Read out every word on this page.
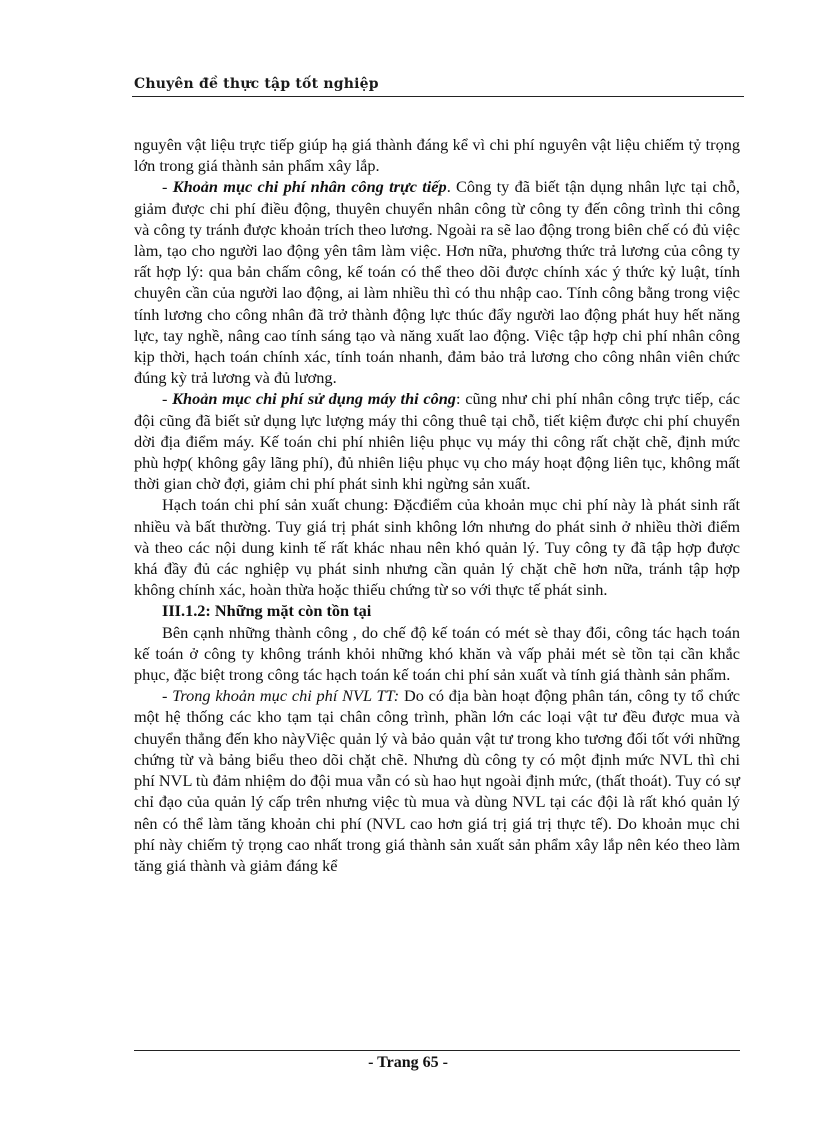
Chuyên đề thực tập tốt nghiệp

nguyên vật liệu trực tiếp giúp hạ giá thành đáng kể vì chi phí nguyên vật liệu chiếm tỷ trọng lớn trong giá thành sản phẩm xây lắp.

- Khoản mục chi phí nhân công trực tiếp. Công ty đã biết tận dụng nhân lực tại chỗ, giảm được chi phí điều động, thuyên chuyển nhân công từ công ty đến công trình thi công và công ty tránh được khoản trích theo lương. Ngoài ra sẽ lao động trong biên chế có đủ việc làm, tạo cho người lao động yên tâm làm việc. Hơn nữa, phương thức trả lương của công ty rất hợp lý: qua bản chấm công, kế toán có thể theo dõi được chính xác ý thức kỷ luật, tính chuyên cần của người lao động, ai làm nhiều thì có thu nhập cao. Tính công bằng trong việc tính lương cho công nhân đã trở thành động lực thúc đẩy người lao động phát huy hết năng lực, tay nghề, nâng cao tính sáng tạo và năng xuất lao động. Việc tập hợp chi phí nhân công kịp thời, hạch toán chính xác, tính toán nhanh, đảm bảo trả lương cho công nhân viên chức đúng kỳ trả lương và đủ lương.

- Khoản mục chi phí sử dụng máy thi công: cũng như chi phí nhân công trực tiếp, các đội cũng đã biết sử dụng lực lượng máy thi công thuê tại chỗ, tiết kiệm được chi phí chuyển dời địa điểm máy. Kế toán chi phí nhiên liệu phục vụ máy thi công rất chặt chẽ, định mức phù hợp( không gây lãng phí), đủ nhiên liệu phục vụ cho máy hoạt động liên tục, không mất thời gian chờ đợi, giảm chi phí phát sinh khi ngừng sản xuất.

Hạch toán chi phí sản xuất chung: Đặcđiểm của khoản mục chi phí này là phát sinh rất nhiều và bất thường. Tuy giá trị phát sinh không lớn nhưng do phát sinh ở nhiều thời điểm và theo các nội dung kinh tế rất khác nhau nên khó quản lý. Tuy công ty đã tập hợp được khá đầy đủ các nghiệp vụ phát sinh nhưng cần quản lý chặt chẽ hơn nữa, tránh tập hợp không chính xác, hoàn thừa hoặc thiếu chứng từ so với thực tế phát sinh.

III.1.2: Những mặt còn tồn tại

Bên cạnh những thành công , do chế độ kế toán có mét sè thay đổi, công tác hạch toán kế toán ở công ty không tránh khỏi những khó khăn và vấp phải mét sè tồn tại cần khắc phục, đặc biệt trong công tác hạch toán kế toán chi phí sản xuất và tính giá thành sản phẩm.

- Trong khoản mục chi phí NVL TT: Do có địa bàn hoạt động phân tán, công ty tổ chức một hệ thống các kho tạm tại chân công trình, phần lớn các loại vật tư đều được mua và chuyển thẳng đến kho nàyViệc quản lý và bảo quản vật tư trong kho tương đối tốt với những chứng từ và bảng biểu theo dõi chặt chẽ. Nhưng dù công ty có một định mức NVL thì chi phí NVL tù đảm nhiệm do đội mua vẫn có sù hao hụt ngoài định mức, (thất thoát). Tuy có sự chỉ đạo của quản lý cấp trên nhưng việc tù mua và dùng NVL tại các đội là rất khó quản lý nên có thể làm tăng khoản chi phí (NVL cao hơn giá trị giá trị thực tế). Do khoản mục chi phí này chiếm tỷ trọng cao nhất trong giá thành sản xuất sản phẩm xây lắp nên kéo theo làm tăng giá thành và giảm đáng kể

- Trang 65 -
